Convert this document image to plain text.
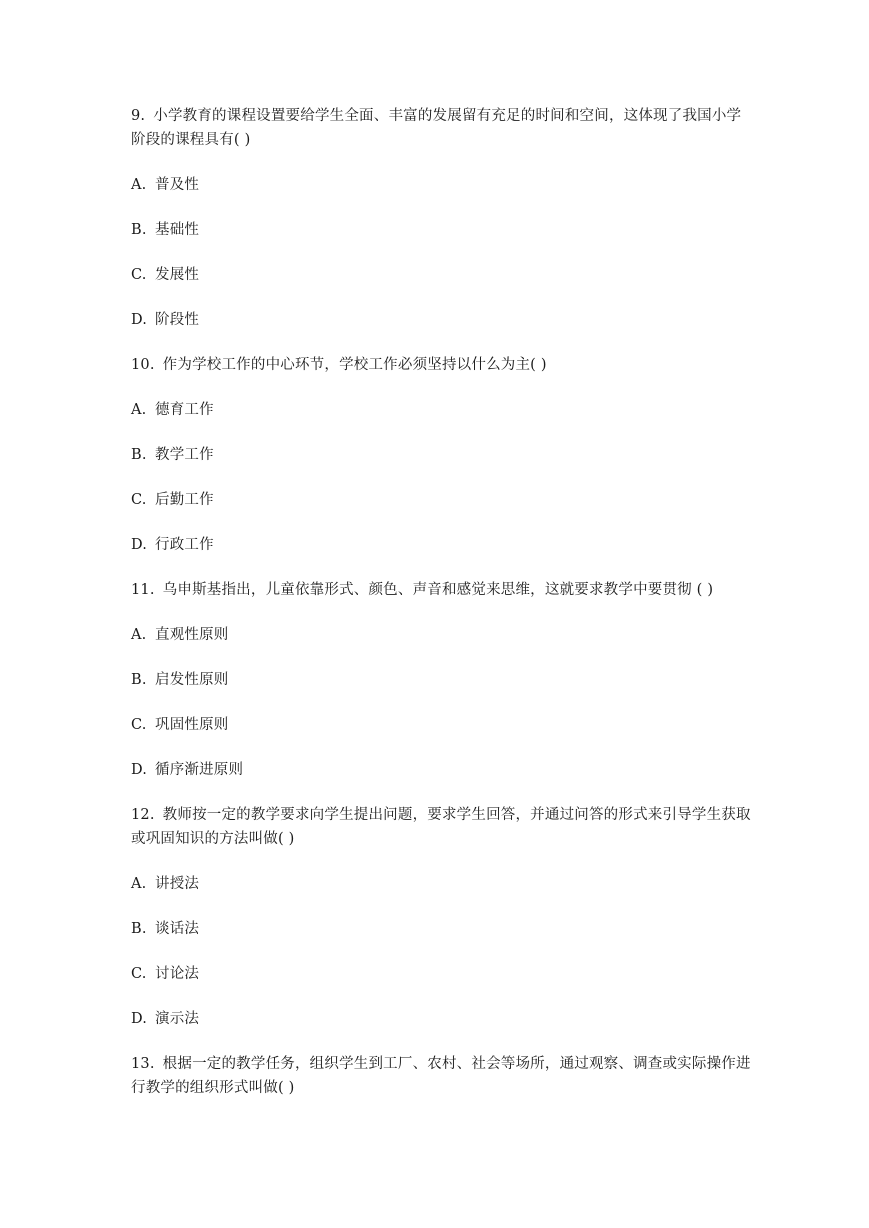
9. 小学教育的课程设置要给学生全面、丰富的发展留有充足的时间和空间，这体现了我国小学阶段的课程具有( )

A. 普及性

B. 基础性

C. 发展性

D. 阶段性

10. 作为学校工作的中心环节，学校工作必须坚持以什么为主( )

A. 德育工作

B. 教学工作

C. 后勤工作

D. 行政工作

11. 乌申斯基指出，儿童依靠形式、颜色、声音和感觉来思维，这就要求教学中要贯彻 ( )

A. 直观性原则

B. 启发性原则

C. 巩固性原则

D. 循序渐进原则

12. 教师按一定的教学要求向学生提出问题，要求学生回答，并通过问答的形式来引导学生获取或巩固知识的方法叫做( )

A. 讲授法

B. 谈话法

C. 讨论法

D. 演示法

13. 根据一定的教学任务，组织学生到工厂、农村、社会等场所，通过观察、调查或实际操作进行教学的组织形式叫做( )
